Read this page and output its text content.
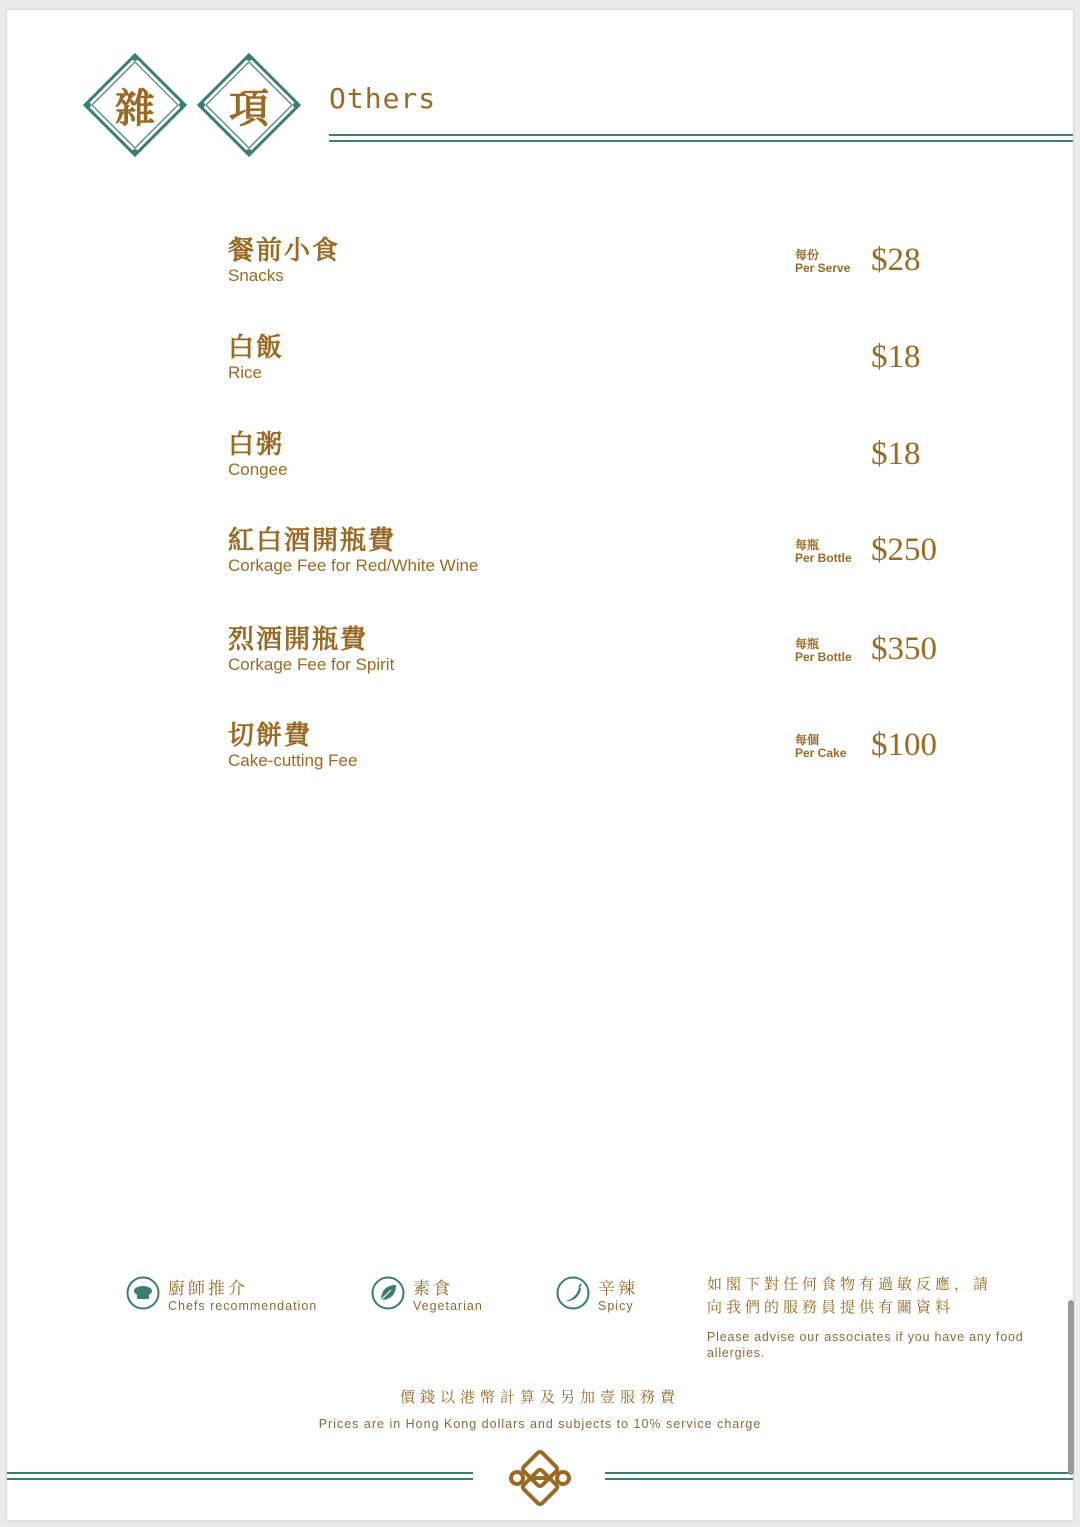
雜	項	Others
餐前小食
Snacks
每份
Per Serve $28
白飯
Rice	$18
白粥
Congee	$18
紅白酒開瓶費
Corkage Fee for Red/White Wine
每瓶
Per Bottle $250
烈酒開瓶費
Corkage Fee for Spirit
每瓶
Per Bottle $350
切餅費
Cake-cutting Fee
每個
Per Cake $100
廚師推介
Chefs recommendation
素食
Vegetarian
辛辣
Spicy
如閣下對任何食物有過敏反應，請
向我們的服務員提供有關資料
Please advise our associates if you have any food allergies.
價錢以港幣計算及另加壹服務費
Prices are in Hong Kong dollars and subjects to 10% service charge
